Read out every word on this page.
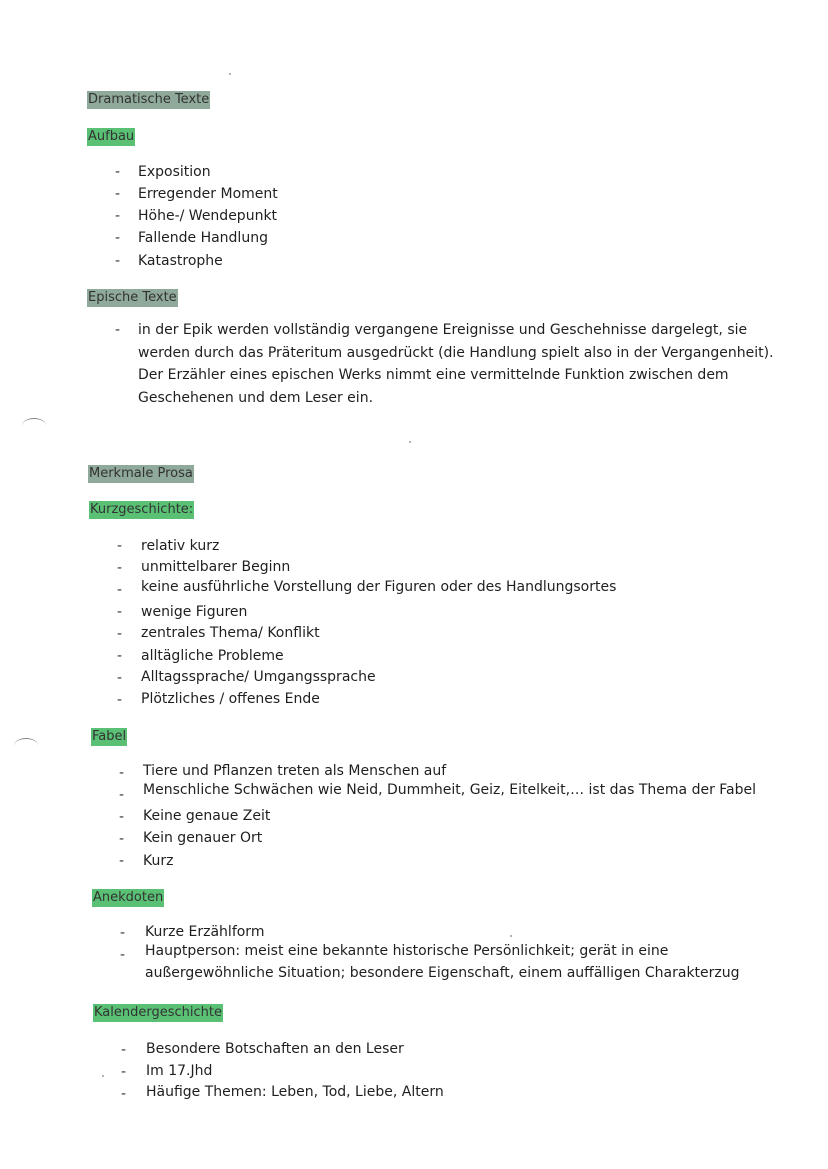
Dramatische Texte
Aufbau
- Exposition
- Erregender Moment
- Höhe-/ Wendepunkt
- Fallende Handlung
- Katastrophe
Epische Texte
- in der Epik werden vollständig vergangene Ereignisse und Geschehnisse dargelegt, sie
werden durch das Präteritum ausgedrückt (die Handlung spielt also in der Vergangenheit).
Der Erzähler eines epischen Werks nimmt eine vermittelnde Funktion zwischen dem
Geschehenen und dem Leser ein.
Merkmale Prosa
Kurzgeschichte:
- relativ kurz
- unmittelbarer Beginn
- keine ausführliche Vorstellung der Figuren oder des Handlungsortes
- wenige Figuren
- zentrales Thema/ Konflikt
- alltägliche Probleme
- Alltagssprache/ Umgangssprache
- Plötzliches / offenes Ende
Fabel
- Tiere und Pflanzen treten als Menschen auf
- Menschliche Schwächen wie Neid, Dummheit, Geiz, Eitelkeit,… ist das Thema der Fabel
- Keine genaue Zeit
- Kein genauer Ort
- Kurz
Anekdoten
- Kurze Erzählform
- Hauptperson: meist eine bekannte historische Persönlichkeit; gerät in eine
außergewöhnliche Situation; besondere Eigenschaft, einem auffälligen Charakterzug
Kalendergeschichte
- Besondere Botschaften an den Leser
- Im 17.Jhd
- Häufige Themen: Leben, Tod, Liebe, Altern
